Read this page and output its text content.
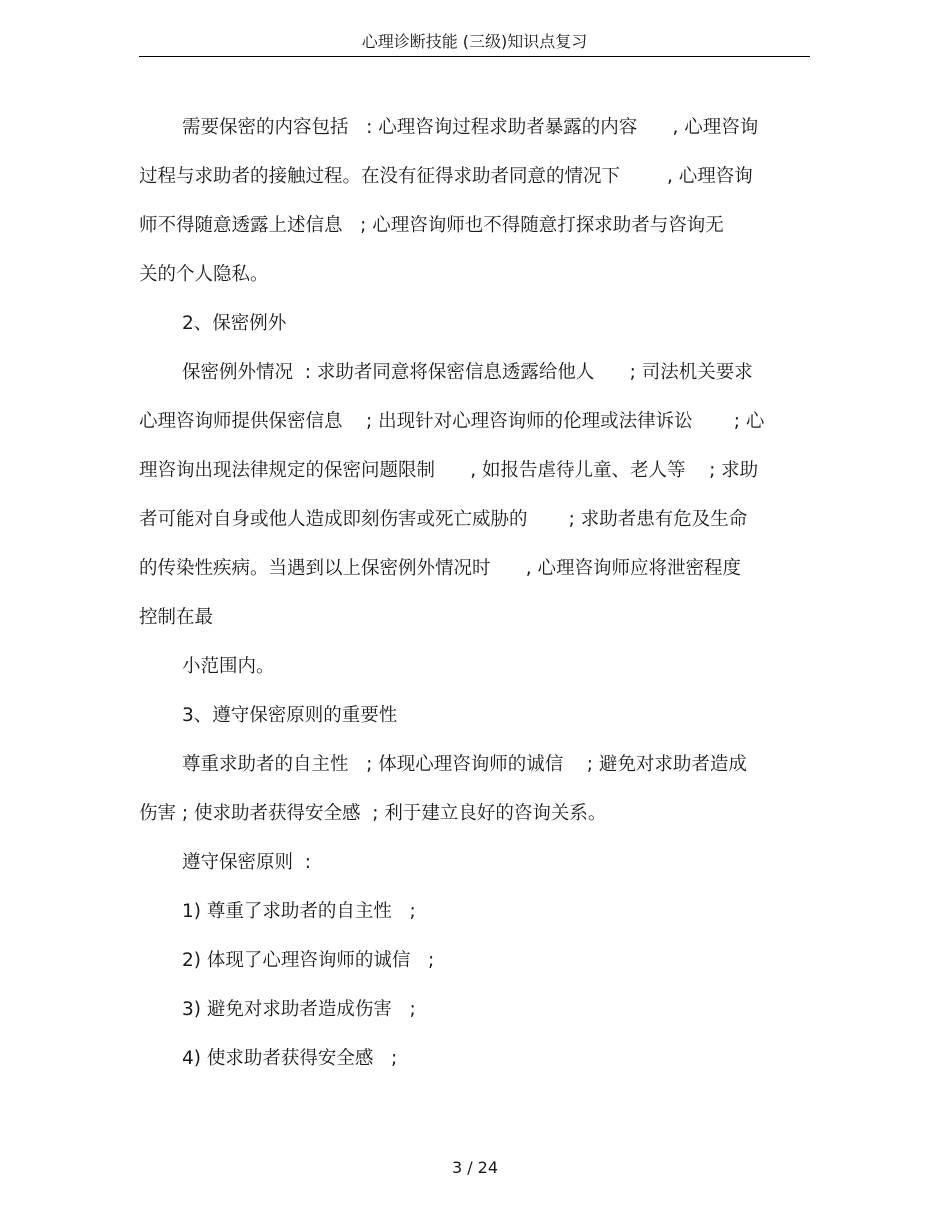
心理诊断技能 (三级)知识点复习

需要保密的内容包括   : 心理咨询过程求助者暴露的内容      , 心理咨询

过程与求助者的接触过程。在没有征得求助者同意的情况下        , 心理咨询

师不得随意透露上述信息   ; 心理咨询师也不得随意打探求助者与咨询无

关的个人隐私。

2、保密例外

保密例外情况  : 求助者同意将保密信息透露给他人      ; 司法机关要求

心理咨询师提供保密信息    ; 出现针对心理咨询师的伦理或法律诉讼       ; 心

理咨询出现法律规定的保密问题限制      , 如报告虐待儿童、老人等    ; 求助

者可能对自身或他人造成即刻伤害或死亡威胁的       ; 求助者患有危及生命

的传染性疾病。当遇到以上保密例外情况时      , 心理咨询师应将泄密程度

控制在最

小范围内。

3、遵守保密原则的重要性

尊重求助者的自主性   ; 体现心理咨询师的诚信    ; 避免对求助者造成

伤害 ; 使求助者获得安全感  ; 利于建立良好的咨询关系。

遵守保密原则  :

1) 尊重了求助者的自主性   ;

2) 体现了心理咨询师的诚信   ;

3) 避免对求助者造成伤害   ;

4) 使求助者获得安全感   ;

3 / 24
